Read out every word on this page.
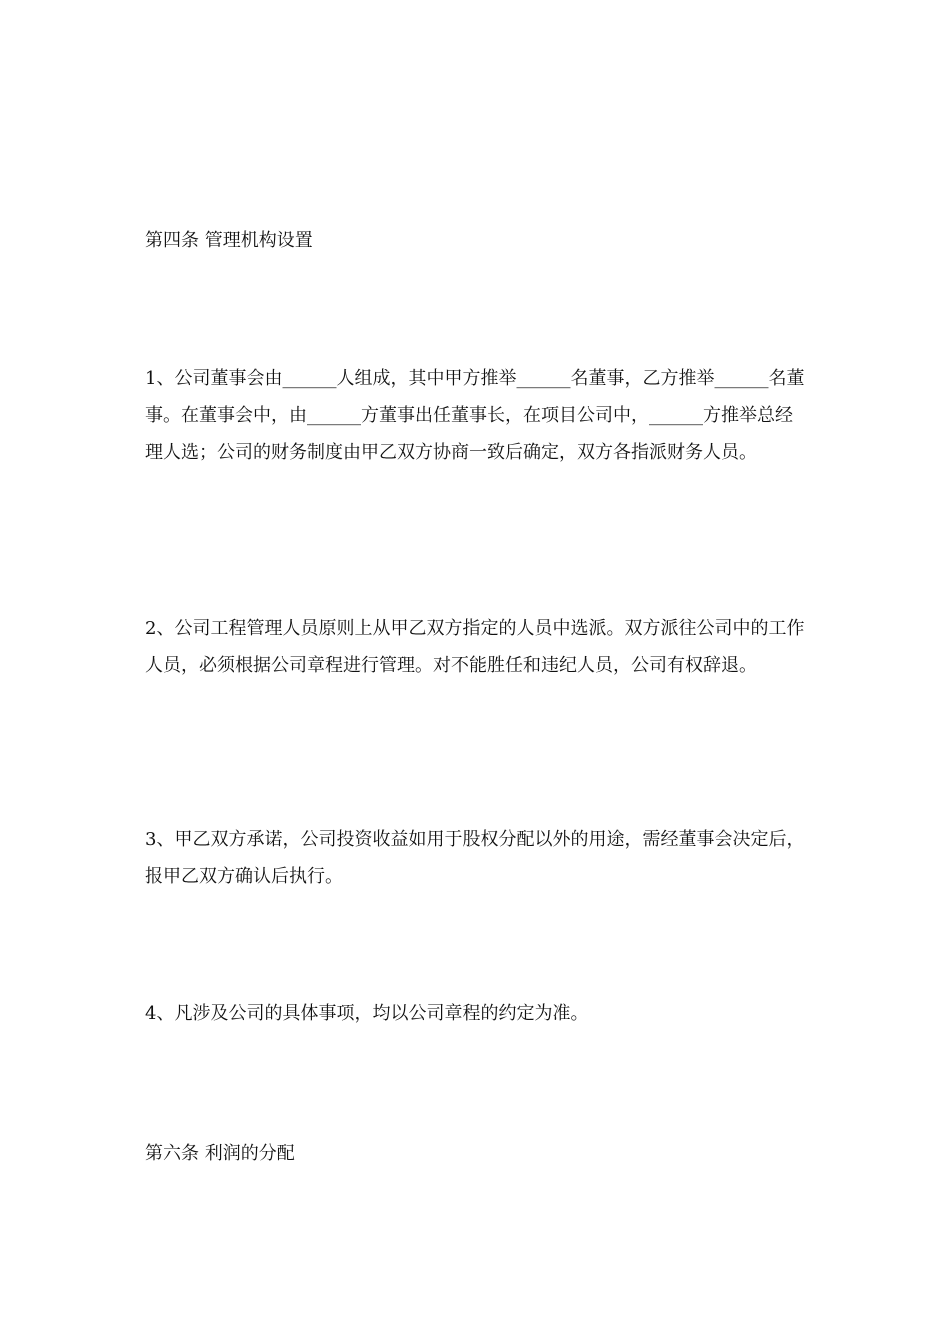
第四条 管理机构设置

1、公司董事会由______人组成，其中甲方推举______名董事，乙方推举______名董事。在董事会中，由______方董事出任董事长，在项目公司中，______方推举总经理人选；公司的财务制度由甲乙双方协商一致后确定，双方各指派财务人员。

2、公司工程管理人员原则上从甲乙双方指定的人员中选派。双方派往公司中的工作人员，必须根据公司章程进行管理。对不能胜任和违纪人员，公司有权辞退。

3、甲乙双方承诺，公司投资收益如用于股权分配以外的用途，需经董事会决定后，报甲乙双方确认后执行。

4、凡涉及公司的具体事项，均以公司章程的约定为准。

第六条 利润的分配
